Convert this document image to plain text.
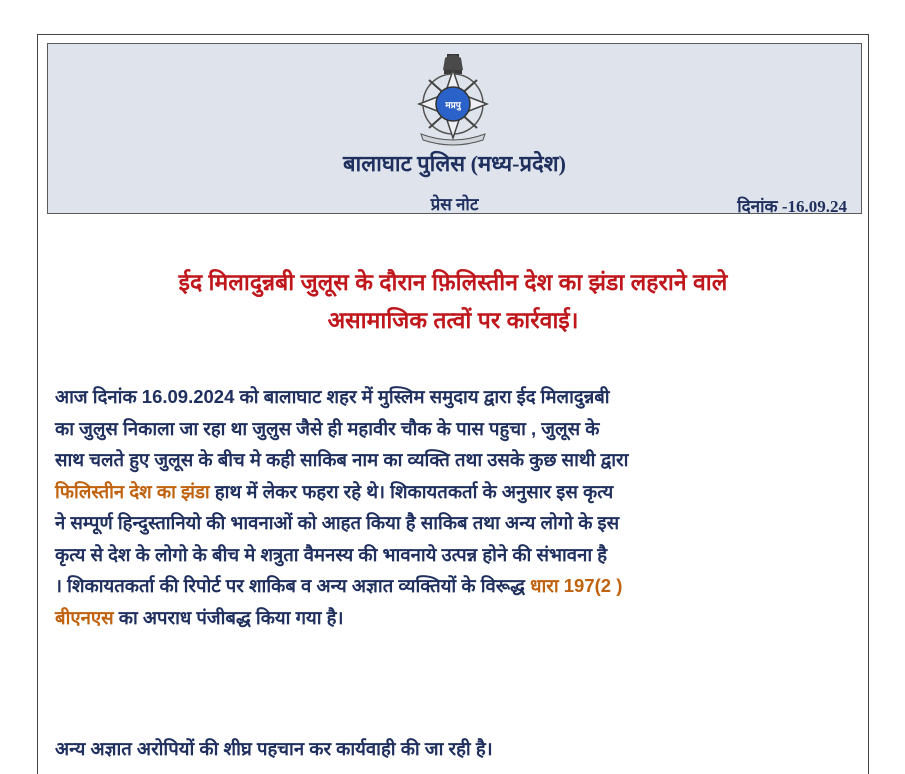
मप्रपु
बालाघाट पुलिस (मध्य-प्रदेश)
प्रेस नोट	दिनांक -16.09.24
ईद मिलादुन्नबी जुलूस के दौरान फ़िलिस्तीन देश का झंडा लहराने वाले
असामाजिक तत्वों पर कार्रवाई।
आज दिनांक 16.09.2024 को बालाघाट शहर में मुस्लिम समुदाय द्वारा ईद मिलादुन्नबी
का जुलुस निकाला जा रहा था जुलुस जैसे ही महावीर चौक के पास पहुचा , जुलूस के
साथ चलते हुए जुलूस के बीच मे कही साकिब नाम का व्यक्ति तथा उसके कुछ साथी द्वारा
फिलिस्तीन देश का झंडा हाथ में लेकर फहरा रहे थे। शिकायतकर्ता के अनुसार इस कृत्य
ने सम्पूर्ण हिन्दुस्तानियो की भावनाओं को आहत किया है साकिब तथा अन्य लोगो के इस
कृत्य से देश के लोगो के बीच मे शत्रुता वैमनस्य की भावनाये उत्पन्न होने की संभावना है
। शिकायतकर्ता की रिपोर्ट पर शाकिब व अन्य अज्ञात व्यक्तियों के विरूद्ध धारा 197(2 )
बीएनएस का अपराध पंजीबद्ध किया गया है।
अन्य अज्ञात अरोपियों की शीघ्र पहचान कर कार्यवाही की जा रही है।
